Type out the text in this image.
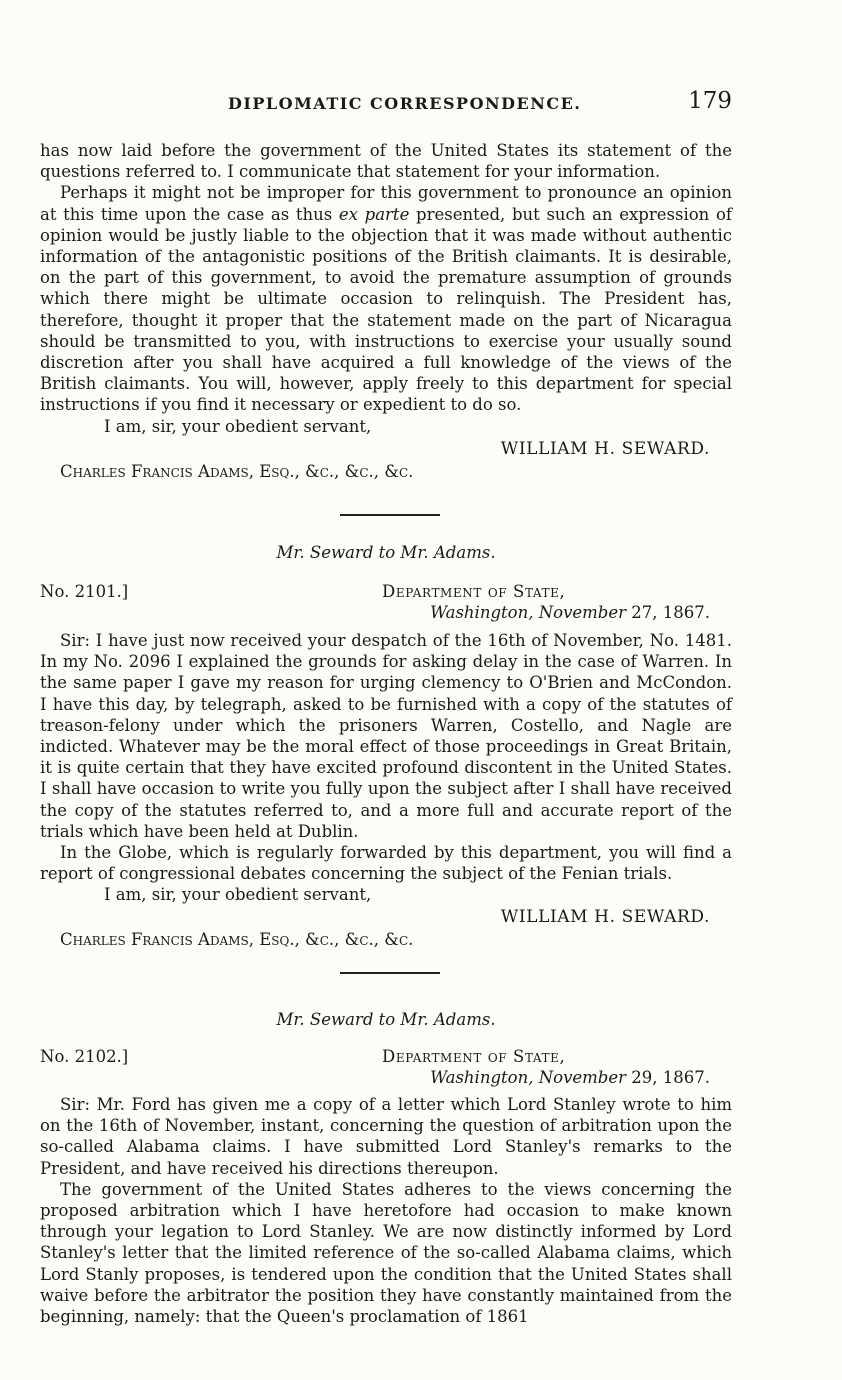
DIPLOMATIC CORRESPONDENCE.	179

has now laid before the government of the United States its statement of the questions referred to. I communicate that statement for your information.

Perhaps it might not be improper for this government to pronounce an opinion at this time upon the case as thus ex parte presented, but such an expression of opinion would be justly liable to the objection that it was made without authentic information of the antagonistic positions of the British claimants. It is desirable, on the part of this government, to avoid the premature assumption of grounds which there might be ultimate occasion to relinquish. The President has, therefore, thought it proper that the statement made on the part of Nicaragua should be transmitted to you, with instructions to exercise your usually sound discretion after you shall have acquired a full knowledge of the views of the British claimants. You will, however, apply freely to this department for special instructions if you find it necessary or expedient to do so.

I am, sir, your obedient servant,
WILLIAM H. SEWARD.
Charles Francis Adams, Esq., &c., &c., &c.
Mr. Seward to Mr. Adams.
No. 2101.]	Department of State,
Washington, November 27, 1867.

Sir: I have just now received your despatch of the 16th of November, No. 1481. In my No. 2096 I explained the grounds for asking delay in the case of Warren. In the same paper I gave my reason for urging clemency to O'Brien and McCondon. I have this day, by telegraph, asked to be furnished with a copy of the statutes of treason-felony under which the prisoners Warren, Costello, and Nagle are indicted. Whatever may be the moral effect of those proceedings in Great Britain, it is quite certain that they have excited profound discontent in the United States. I shall have occasion to write you fully upon the subject after I shall have received the copy of the statutes referred to, and a more full and accurate report of the trials which have been held at Dublin.

In the Globe, which is regularly forwarded by this department, you will find a report of congressional debates concerning the subject of the Fenian trials.

I am, sir, your obedient servant,
WILLIAM H. SEWARD.
Charles Francis Adams, Esq., &c., &c., &c.
Mr. Seward to Mr. Adams.
No. 2102.]	Department of State,
Washington, November 29, 1867.

Sir: Mr. Ford has given me a copy of a letter which Lord Stanley wrote to him on the 16th of November, instant, concerning the question of arbitration upon the so-called Alabama claims. I have submitted Lord Stanley's remarks to the President, and have received his directions thereupon.

The government of the United States adheres to the views concerning the proposed arbitration which I have heretofore had occasion to make known through your legation to Lord Stanley. We are now distinctly informed by Lord Stanley's letter that the limited reference of the so-called Alabama claims, which Lord Stanly proposes, is tendered upon the condition that the United States shall waive before the arbitrator the position they have constantly maintained from the beginning, namely: that the Queen's proclamation of 1861
